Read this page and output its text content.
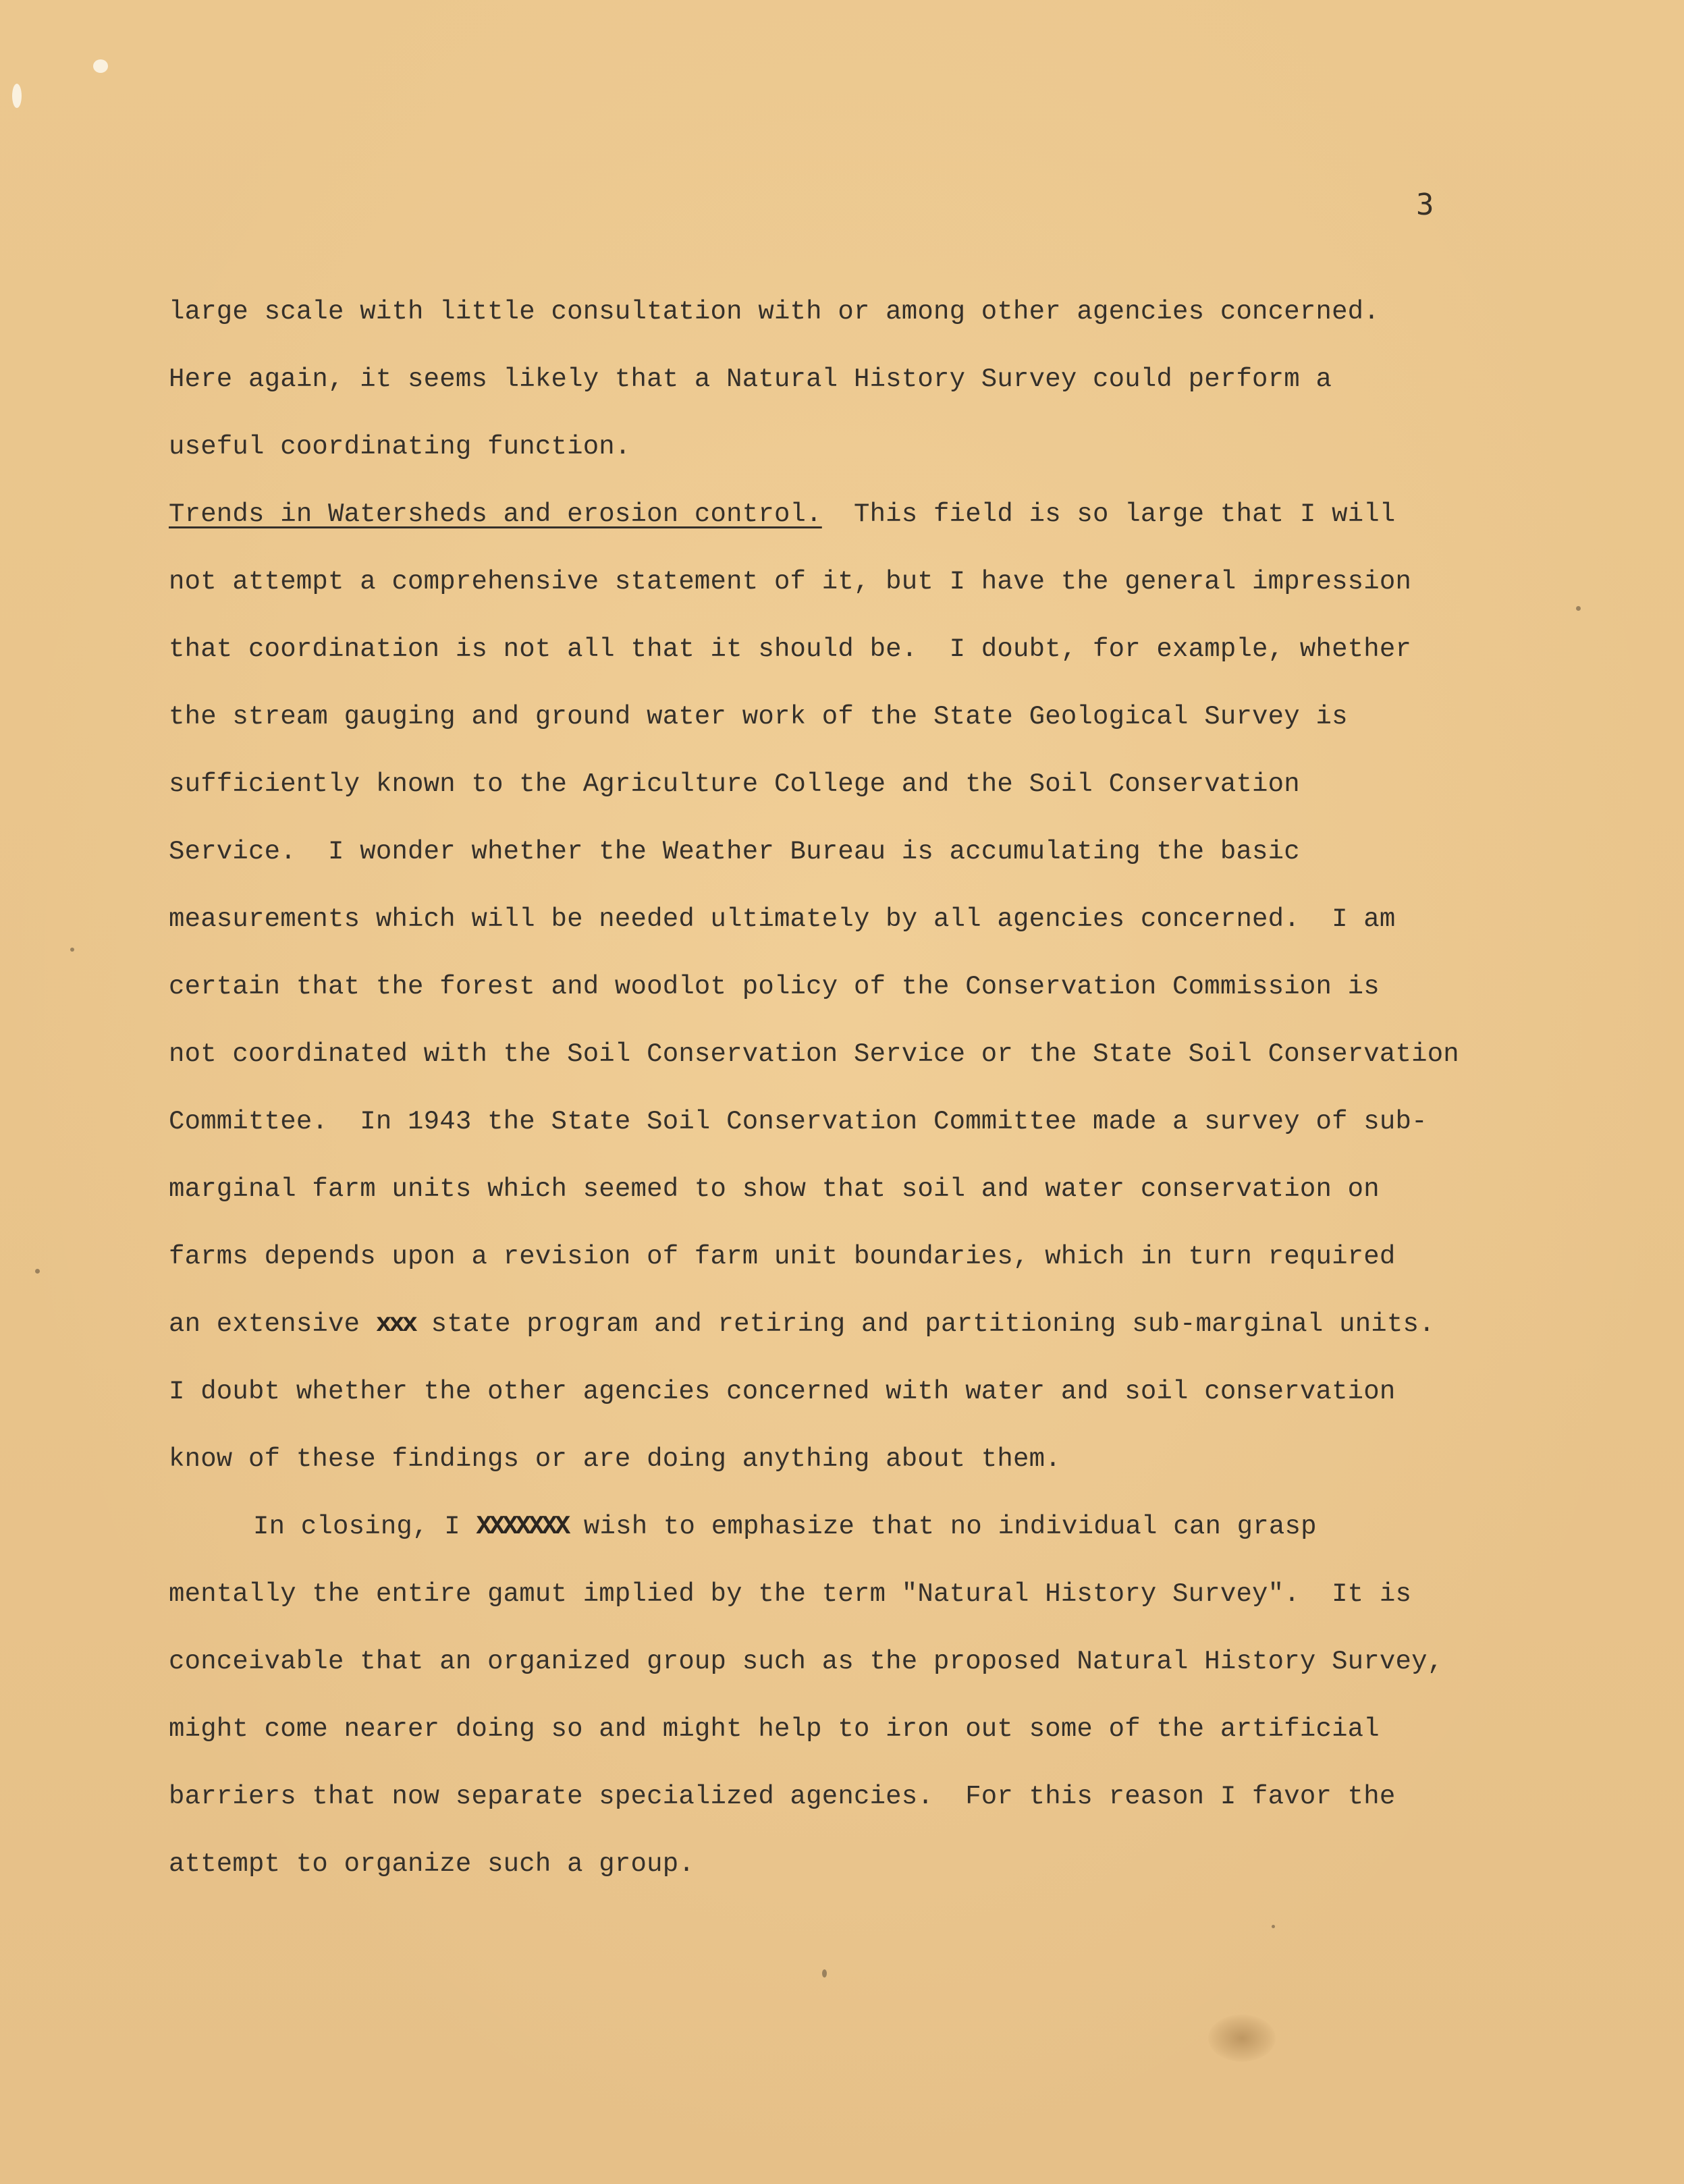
3
large scale with little consultation with or among other agencies concerned.
Here again, it seems likely that a Natural History Survey could perform a
useful coordinating function.
Trends in Watersheds and erosion control.  This field is so large that I will
not attempt a comprehensive statement of it, but I have the general impression
that coordination is not all that it should be.  I doubt, for example, whether
the stream gauging and ground water work of the State Geological Survey is
sufficiently known to the Agriculture College and the Soil Conservation
Service.  I wonder whether the Weather Bureau is accumulating the basic
measurements which will be needed ultimately by all agencies concerned.  I am
certain that the forest and woodlot policy of the Conservation Commission is
not coordinated with the Soil Conservation Service or the State Soil Conservation
Committee.  In 1943 the State Soil Conservation Committee made a survey of sub-
marginal farm units which seemed to show that soil and water conservation on
farms depends upon a revision of farm unit boundaries, which in turn required
an extensive xxx state program and retiring and partitioning sub-marginal units.
I doubt whether the other agencies concerned with water and soil conservation
know of these findings or are doing anything about them.
In closing, I XXXXXXX wish to emphasize that no individual can grasp
mentally the entire gamut implied by the term "Natural History Survey".  It is
conceivable that an organized group such as the proposed Natural History Survey,
might come nearer doing so and might help to iron out some of the artificial
barriers that now separate specialized agencies.  For this reason I favor the
attempt to organize such a group.
